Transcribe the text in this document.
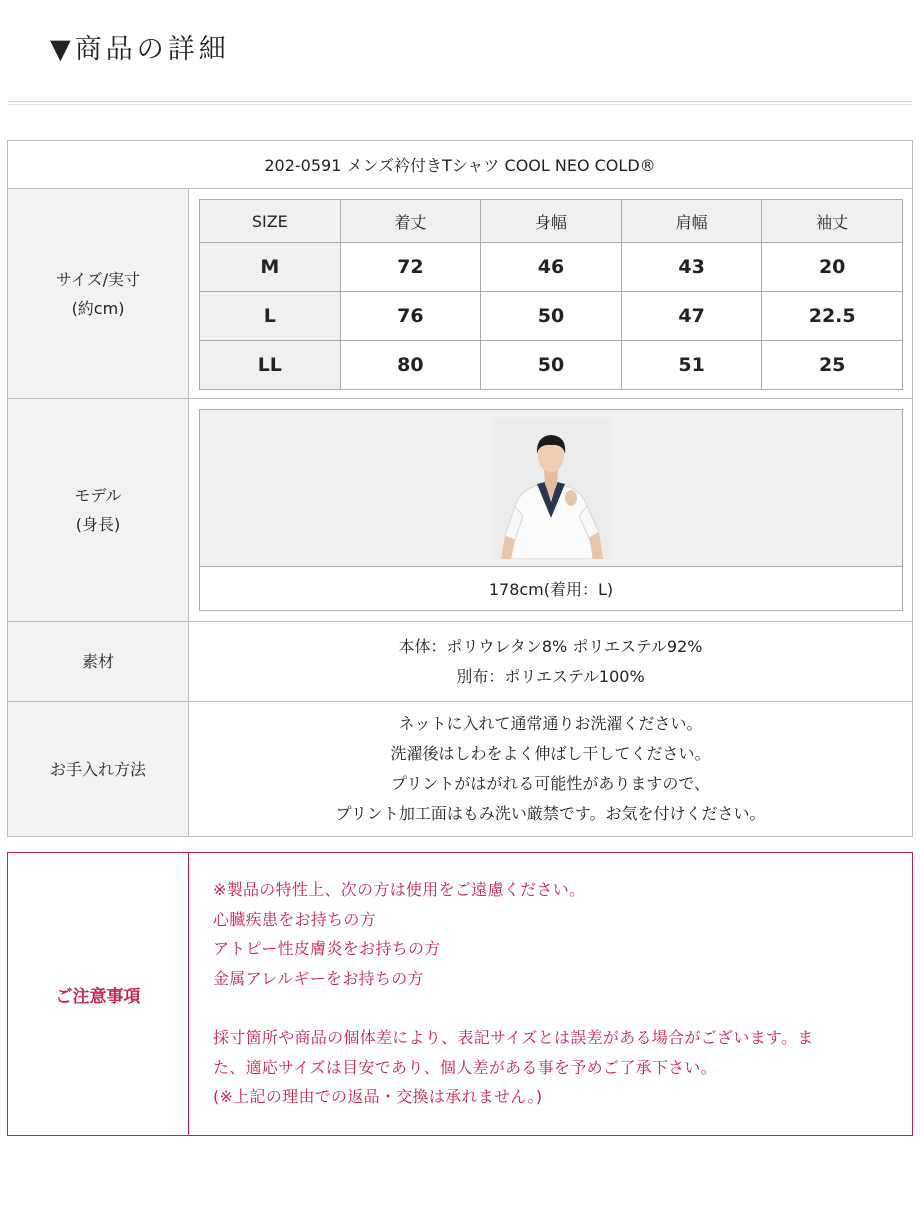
▼商品の詳細
202-0591 メンズ衿付きTシャツ COOL NEO COLD®
サイズ/実寸
(約cm)
SIZE	着丈	身幅	肩幅	袖丈
M	72	46	43	20
L	76	50	47	22.5
LL	80	50	51	25
モデル
(身長)
178cm(着用：L)
素材
本体：ポリウレタン8% ポリエステル92%
別布：ポリエステル100%
お手入れ方法
ネットに入れて通常通りお洗濯ください。
洗濯後はしわをよく伸ばし干してください。
プリントがはがれる可能性がありますので、
プリント加工面はもみ洗い厳禁です。お気を付けください。
ご注意事項
※製品の特性上、次の方は使用をご遠慮ください。
心臓疾患をお持ちの方
アトピー性皮膚炎をお持ちの方
金属アレルギーをお持ちの方
採寸箇所や商品の個体差により、表記サイズとは誤差がある場合がございます。ま
た、適応サイズは目安であり、個人差がある事を予めご了承下さい。
(※上記の理由での返品・交換は承れません。)
